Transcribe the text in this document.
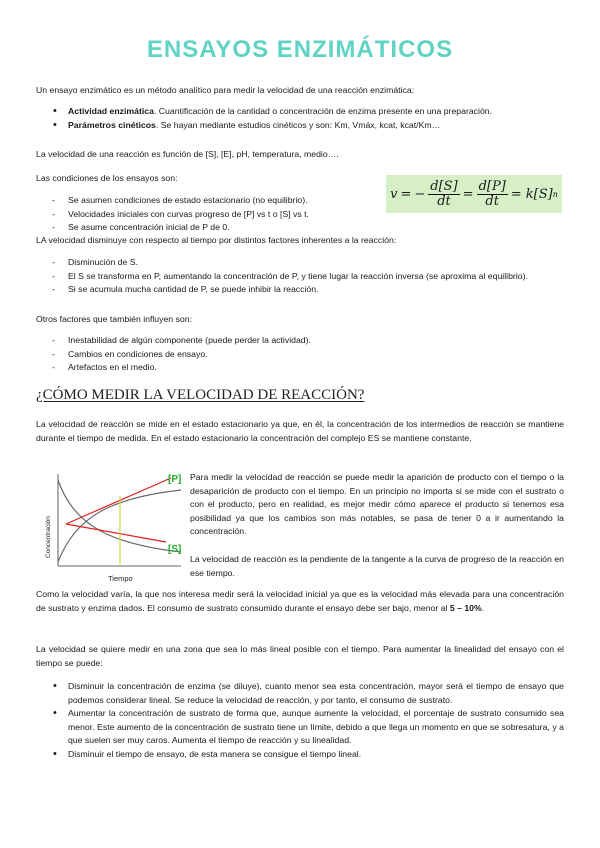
ENSAYOS ENZIMÁTICOS
Un ensayo enzimático es un método analítico para medir la velocidad de una reacción enzimática:
• Actividad enzimática. Cuantificación de la cantidad o concentración de enzima presente en una preparación.
• Parámetros cinéticos. Se hayan mediante estudios cinéticos y son: Km, Vmáx, kcat, kcat/Km…
La velocidad de una reacción es función de [S], [E], pH, temperatura, medio….
Las condiciones de los ensayos son:
- Se asumen condiciones de estado estacionario (no equilibrio).
- Velocidades iniciales con curvas progreso de [P] vs t o [S] vs t.
- Se asume concentración inicial de P de 0.
v = − $\frac{d[S]}{dt} = \frac{d[P]}{dt} = k[S]$ n
LA velocidad disminuye con respecto al tiempo por distintos factores inherentes a la reacción:
- Disminución de S.
- El S se transforma en P, aumentando la concentración de P, y tiene lugar la reacción inversa (se aproxima al equilibrio).
- Si se acumula mucha cantidad de P, se puede inhibir la reacción.
Otros factores que también influyen son:
- Inestabilidad de algún componente (puede perder la actividad).
- Cambios en condiciones de ensayo.
- Artefactos en el medio.
¿CÓMO MEDIR LA VELOCIDAD DE REACCIÓN?
La velocidad de reacción se mide en el estado estacionario ya que, en él, la concentración de los intermedios de reacción se mantiene durante el tiempo de medida. En el estado estacionario la concentración del complejo ES se mantiene constante.
[P]
[S]
Tiempo
Concentración
Para medir la velocidad de reacción se puede medir la aparición de producto con el tiempo o la desaparición de producto con el tiempo. En un principio no importa si se mide con el sustrato o con el producto, pero en realidad, es mejor medir cómo aparece el producto si tenemos esa posibilidad ya que los cambios son más notables, se pasa de tener 0 a ir aumentando la concentración.
La velocidad de reacción es la pendiente de la tangente a la curva de progreso de la reacción en ese tiempo.
Como la velocidad varía, la que nos interesa medir será la velocidad inicial ya que es la velocidad más elevada para una concentración de sustrato y enzima dados. El consumo de sustrato consumido durante el ensayo debe ser bajo, menor al 5 – 10%.
La velocidad se quiere medir en una zona que sea lo más lineal posible con el tiempo. Para aumentar la linealidad del ensayo con el tiempo se puede:
• Disminuir la concentración de enzima (se diluye), cuanto menor sea esta concentración, mayor será el tiempo de ensayo que podemos considerar lineal. Se reduce la velocidad de reacción, y por tanto, el consumo de sustrato.
• Aumentar la concentración de sustrato de forma que, aunque aumente la velocidad, el porcentaje de sustrato consumido sea menor. Este aumento de la concentración de sustrato tiene un límite, debido a que llega un momento en que se sobresatura, y a que suelen ser muy caros. Aumenta el tiempo de reacción y su linealidad.
• Disminuir el tiempo de ensayo, de esta manera se consigue el tiempo lineal.
